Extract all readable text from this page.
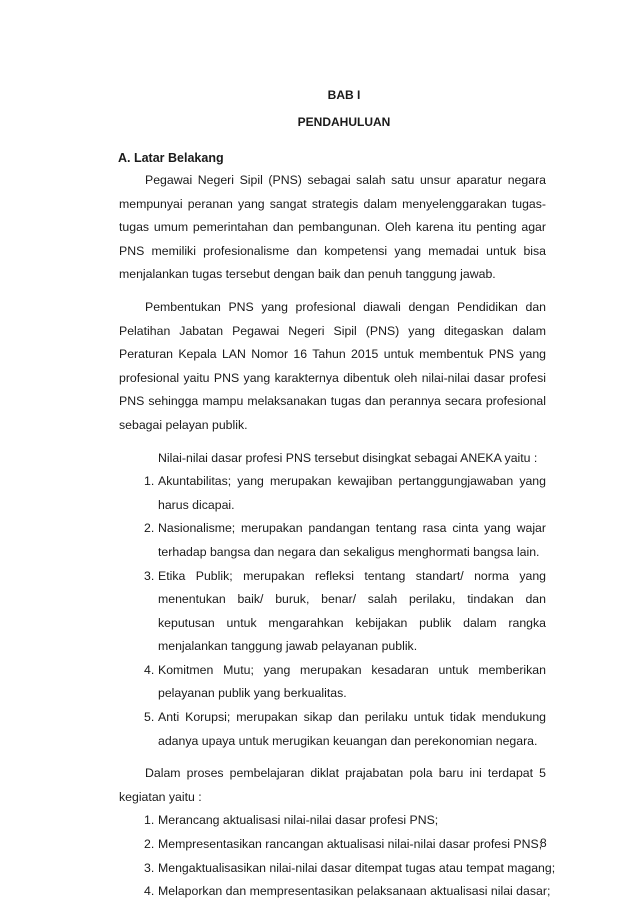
BAB I
PENDAHULUAN
A. Latar Belakang

Pegawai Negeri Sipil (PNS) sebagai salah satu unsur aparatur negara mempunyai peranan yang sangat strategis dalam menyelenggarakan tugas-tugas umum pemerintahan dan pembangunan. Oleh karena itu penting agar PNS memiliki profesionalisme dan kompetensi yang memadai untuk bisa menjalankan tugas tersebut dengan baik dan penuh tanggung jawab.

Pembentukan PNS yang profesional diawali dengan Pendidikan dan Pelatihan Jabatan Pegawai Negeri Sipil (PNS) yang ditegaskan dalam Peraturan Kepala LAN Nomor 16 Tahun 2015 untuk membentuk PNS yang profesional yaitu PNS yang karakternya dibentuk oleh nilai-nilai dasar profesi PNS sehingga mampu melaksanakan tugas dan perannya secara profesional sebagai pelayan publik.

Nilai-nilai dasar profesi PNS tersebut disingkat sebagai ANEKA yaitu :

1. Akuntabilitas; yang merupakan kewajiban pertanggungjawaban yang harus dicapai.
2. Nasionalisme; merupakan pandangan tentang rasa cinta yang wajar terhadap bangsa dan negara dan sekaligus menghormati bangsa lain.
3. Etika Publik; merupakan refleksi tentang standart/ norma yang menentukan baik/ buruk, benar/ salah perilaku, tindakan dan keputusan untuk mengarahkan kebijakan publik dalam rangka menjalankan tanggung jawab pelayanan publik.
4. Komitmen Mutu; yang merupakan kesadaran untuk memberikan pelayanan publik yang berkualitas.
5. Anti Korupsi; merupakan sikap dan perilaku untuk tidak mendukung adanya upaya untuk merugikan keuangan dan perekonomian negara.

Dalam proses pembelajaran diklat prajabatan pola baru ini terdapat 5 kegiatan yaitu :

1. Merancang aktualisasi nilai-nilai dasar profesi PNS;
2. Mempresentasikan rancangan aktualisasi nilai-nilai dasar profesi PNS;
3. Mengaktualisasikan nilai-nilai dasar ditempat tugas atau tempat magang;
4. Melaporkan dan mempresentasikan pelaksanaan aktualisasi nilai dasar;
8
